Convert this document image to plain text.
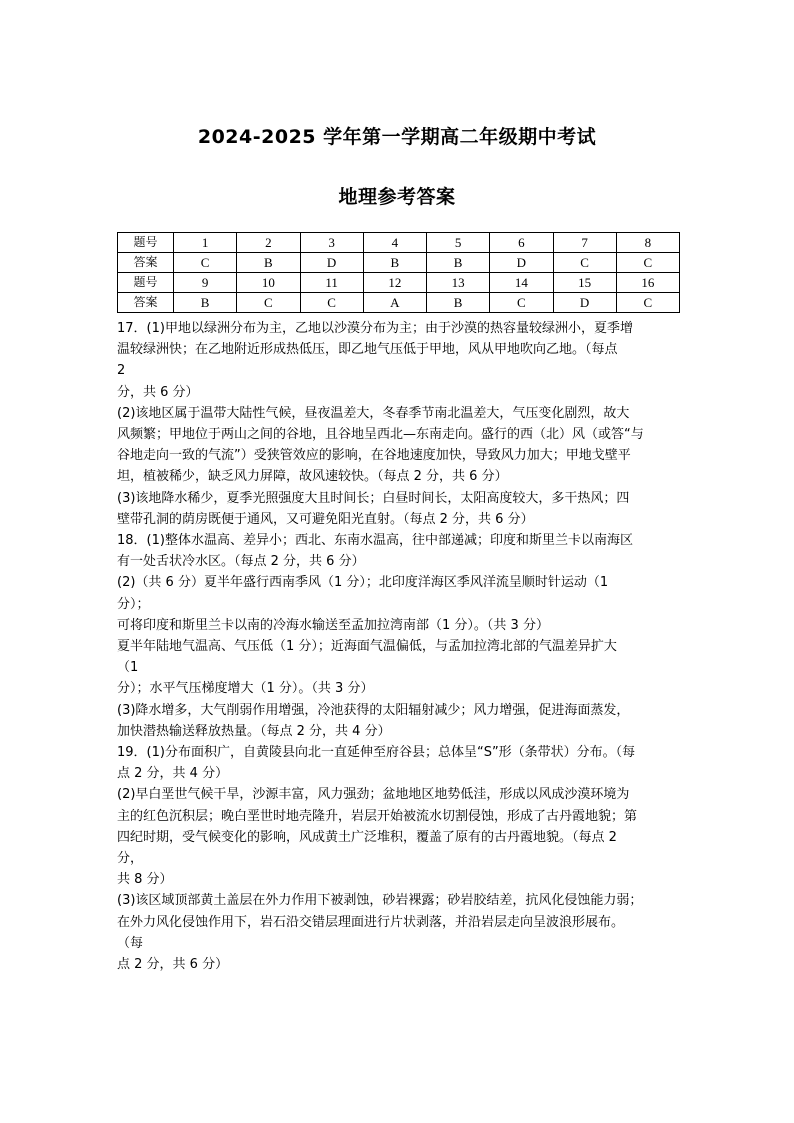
2024-2025 学年第一学期高二年级期中考试
地理参考答案
题号	1	2	3	4	5	6	7	8
答案	C	B	D	B	B	D	C	C
题号	9	10	11	12	13	14	15	16
答案	B	C	C	A	B	C	D	C
17．(1)甲地以绿洲分布为主，乙地以沙漠分布为主；由于沙漠的热容量较绿洲小，夏季增
温较绿洲快；在乙地附近形成热低压，即乙地气压低于甲地，风从甲地吹向乙地。（每点
2
分，共 6 分）
(2)该地区属于温带大陆性气候，昼夜温差大，冬春季节南北温差大，气压变化剧烈，故大
风频繁；甲地位于两山之间的谷地，且谷地呈西北—东南走向。盛行的西（北）风（或答“与
谷地走向一致的气流”）受狭管效应的影响，在谷地速度加快，导致风力加大；甲地戈壁平
坦，植被稀少，缺乏风力屏障，故风速较快。（每点 2 分，共 6 分）
(3)该地降水稀少，夏季光照强度大且时间长；白昼时间长，太阳高度较大，多干热风；四
壁带孔洞的荫房既便于通风，又可避免阳光直射。（每点 2 分，共 6 分）
18．(1)整体水温高、差异小；西北、东南水温高，往中部递减；印度和斯里兰卡以南海区
有一处舌状冷水区。（每点 2 分，共 6 分）
(2)（共 6 分）夏半年盛行西南季风（1 分）；北印度洋海区季风洋流呈顺时针运动（1
分）；
可将印度和斯里兰卡以南的冷海水输送至孟加拉湾南部（1 分）。（共 3 分）
夏半年陆地气温高、气压低（1 分）；近海面气温偏低，与孟加拉湾北部的气温差异扩大
（1
分）；水平气压梯度增大（1 分）。（共 3 分）
(3)降水增多，大气削弱作用增强，冷池获得的太阳辐射减少；风力增强，促进海面蒸发，
加快潜热输送释放热量。（每点 2 分，共 4 分）
19．(1)分布面积广，自黄陵县向北一直延伸至府谷县；总体呈“S”形（条带状）分布。（每
点 2 分，共 4 分）
(2)早白垩世气候干旱，沙源丰富，风力强劲；盆地地区地势低洼，形成以风成沙漠环境为
主的红色沉积层；晚白垩世时地壳隆升，岩层开始被流水切割侵蚀，形成了古丹霞地貌；第
四纪时期，受气候变化的影响，风成黄土广泛堆积，覆盖了原有的古丹霞地貌。（每点 2
分，
共 8 分）
(3)该区域顶部黄土盖层在外力作用下被剥蚀，砂岩裸露；砂岩胶结差，抗风化侵蚀能力弱；
在外力风化侵蚀作用下，岩石沿交错层理面进行片状剥落，并沿岩层走向呈波浪形展布。
（每
点 2 分，共 6 分）
